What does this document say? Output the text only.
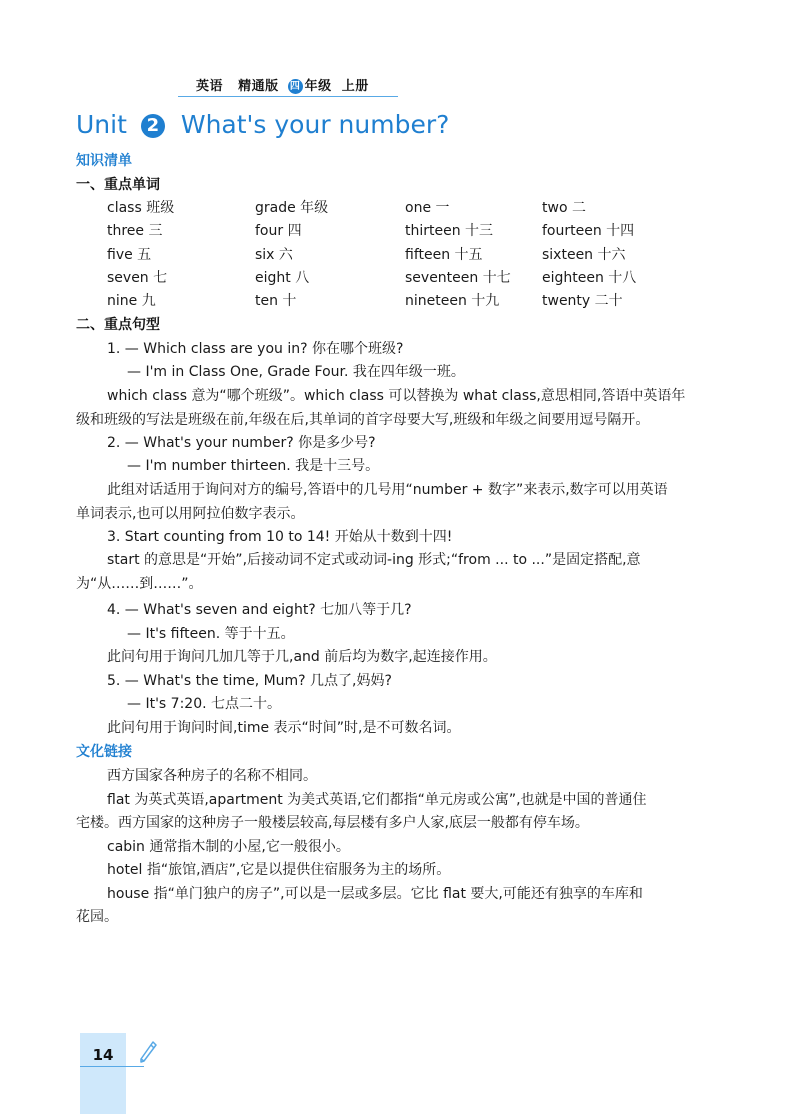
英语 精通版 四 年级 上册
Unit 2 What's your number?
知识清单
一、重点单词
class 班级	grade 年级	one 一	two 二
three 三	four 四	thirteen 十三	fourteen 十四
five 五	six 六	fifteen 十五	sixteen 十六
seven 七	eight 八	seventeen 十七 eighteen 十八
nine 九	ten 十	nineteen 十九	twenty 二十
二、重点句型
1. — Which class are you in? 你在哪个班级?
— I'm in Class One, Grade Four. 我在四年级一班。
which class 意为“哪个班级”。which class 可以替换为 what class,意思相同,答语中英语年
级和班级的写法是班级在前,年级在后,其单词的首字母要大写,班级和年级之间要用逗号隔开。
2. — What's your number? 你是多少号?
— I'm number thirteen. 我是十三号。
此组对话适用于询问对方的编号,答语中的几号用“number + 数字”来表示,数字可以用英语
单词表示,也可以用阿拉伯数字表示。
3. Start counting from 10 to 14! 开始从十数到十四!
start 的意思是“开始”,后接动词不定式或动词-ing 形式;“from ... to ...”是固定搭配,意
为“从……到……”。
4. — What's seven and eight? 七加八等于几?
— It's fifteen. 等于十五。
此问句用于询问几加几等于几,and 前后均为数字,起连接作用。
5. — What's the time, Mum? 几点了,妈妈?
— It's 7:20. 七点二十。
此问句用于询问时间,time 表示“时间”时,是不可数名词。
文化链接
西方国家各种房子的名称不相同。
flat 为英式英语,apartment 为美式英语,它们都指“单元房或公寓”,也就是中国的普通住
宅楼。西方国家的这种房子一般楼层较高,每层楼有多户人家,底层一般都有停车场。
cabin 通常指木制的小屋,它一般很小。
hotel 指“旅馆,酒店”,它是以提供住宿服务为主的场所。
house 指“单门独户的房子”,可以是一层或多层。它比 flat 要大,可能还有独享的车库和
花园。
14
